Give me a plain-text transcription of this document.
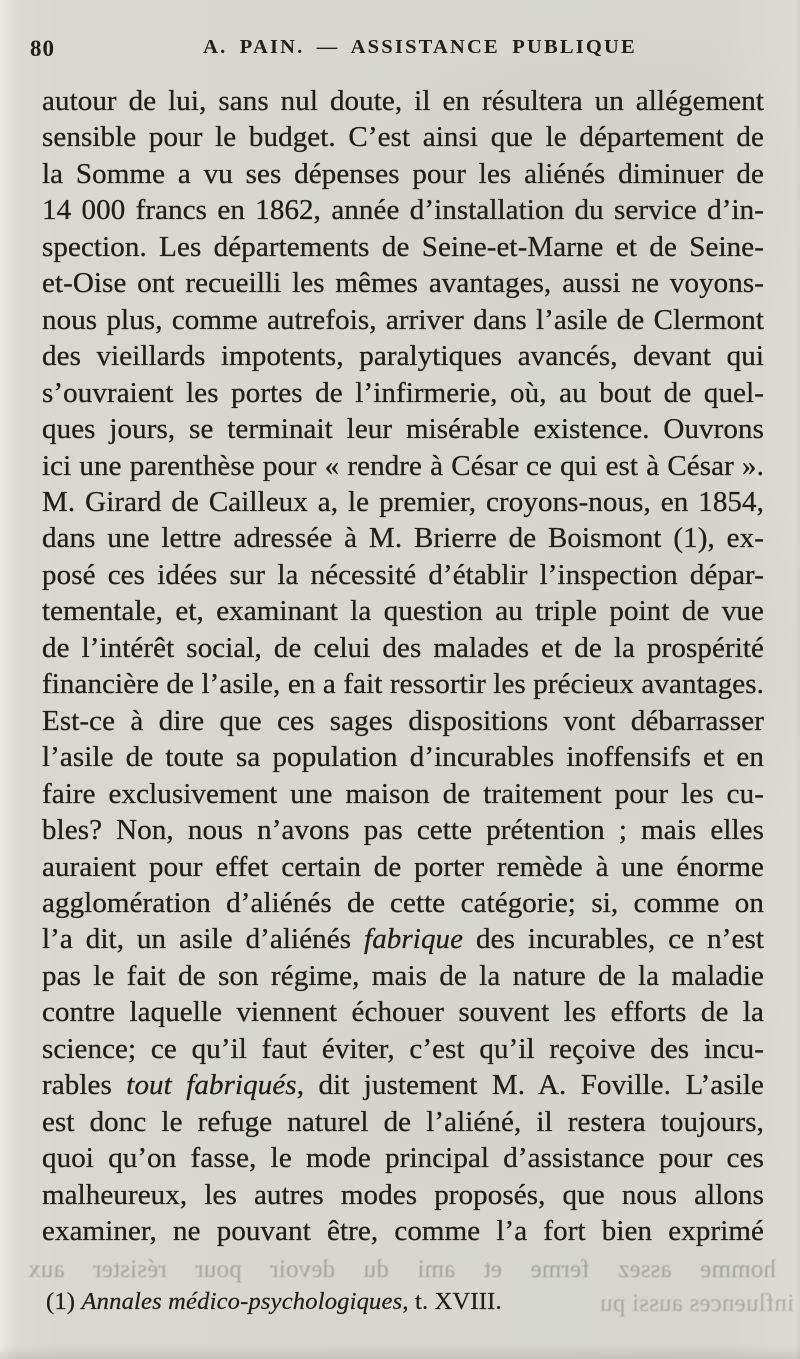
80	A. PAIN. — ASSISTANCE PUBLIQUE
autour de lui, sans nul doute, il en résultera un allégement
sensible pour le budget. C’est ainsi que le département de
la Somme a vu ses dépenses pour les aliénés diminuer de
14 000 francs en 1862, année d’installation du service d’in-
spection. Les départements de Seine-et-Marne et de Seine-
et-Oise ont recueilli les mêmes avantages, aussi ne voyons-
nous plus, comme autrefois, arriver dans l’asile de Clermont
des vieillards impotents, paralytiques avancés, devant qui
s’ouvraient les portes de l’infirmerie, où, au bout de quel-
ques jours, se terminait leur misérable existence. Ouvrons
ici une parenthèse pour « rendre à César ce qui est à César ».
M. Girard de Cailleux a, le premier, croyons-nous, en 1854,
dans une lettre adressée à M. Brierre de Boismont (1), ex-
posé ces idées sur la nécessité d’établir l’inspection dépar-
tementale, et, examinant la question au triple point de vue
de l’intérêt social, de celui des malades et de la prospérité
financière de l’asile, en a fait ressortir les précieux avantages.
Est-ce à dire que ces sages dispositions vont débarrasser
l’asile de toute sa population d’incurables inoffensifs et en
faire exclusivement une maison de traitement pour les cu-
bles? Non, nous n’avons pas cette prétention ; mais elles
auraient pour effet certain de porter remède à une énorme
agglomération d’aliénés de cette catégorie; si, comme on
l’a dit, un asile d’aliénés fabrique des incurables, ce n’est
pas le fait de son régime, mais de la nature de la maladie
contre laquelle viennent échouer souvent les efforts de la
science; ce qu’il faut éviter, c’est qu’il reçoive des incu-
rables tout fabriqués, dit justement M. A. Foville. L’asile
est donc le refuge naturel de l’aliéné, il restera toujours,
quoi qu’on fasse, le mode principal d’assistance pour ces
malheureux, les autres modes proposés, que nous allons
examiner, ne pouvant être, comme l’a fort bien exprimé
homme assez ferme et ami du devoir pour résister aux
influences aussi pu
(1) Annales médico-psychologiques, t. XVIII.
